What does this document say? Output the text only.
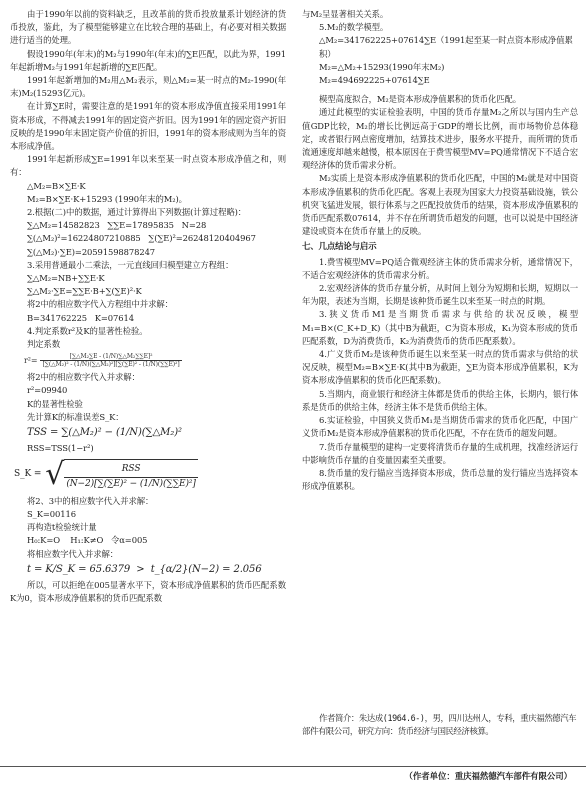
由于1990年以前的资料缺乏，且改革前的货币投放量系计划经济的货币投放，鉴此，为了模型能够建立在比较合理的基础上，有必要对相关数据进行适当的处理。

假设1990年(年末)的M₂与1990年(年末)的∑E匹配，以此为界，1991年起新增M₂与1991年起新增的∑E匹配。

1991年起新增加的M₂用△M₂表示，则△M₂=某一时点的M₂-1990(年末)M₂(15293亿元)。

在计算∑E时，需要注意的是1991年的资本形成净值直接采用1991年资本形成，不得减去1991年的固定资产折旧。因为1991年的固定资产折旧反映的是1990年末固定资产价值的折旧，1991年的资本形成则为当年的资本形成净值。

1991年起新形成∑E=1991年以来至某一时点资本形成净值之和，则有：

△M₂=B×∑E·K

M₂=B×∑E·K+15293 (1990年末的M₂)。

2.根据(二)中的数据，通过计算得出下列数据(计算过程略)：

∑△M₂=14582823   ∑∑E=17895835   N=28

∑(△M₂)²=16224807210885   ∑(∑E)²=26248120404967

∑(△M₂)·∑E)=20591598878247

3.采用普通最小二乘法，一元直线回归模型建立方程组：

∑△M₂=NB+∑∑E·K

∑△M₂·∑E=∑∑E·B+∑(∑E)²·K

将2中的相应数字代入方程组中并求解：

B=341762225   K=07614

4.判定系数r²及K的显著性检验。

判定系数

$r^2= \frac{\text{[∑△M₂∑E - (1/N)∑△M₂∑∑E]²}}{\text{[∑(△M₂)² - (1/N)(∑△M₂)²][∑(∑E)² - (1/N)(∑∑E)²]}}$

将2中的相应数字代入并求解：

r²=09940

K的显著性检验

先计算K的标准误差S_K：

TSS = ∑(△M₂)² − (1/N)(∑△M₂)²

RSS=TSS(1−r²)

S_K = √ $\frac{\text{RSS}}{\text{(N−2)[∑(∑E)² − (1/N)(∑∑E)²]}}$

将2、3中的相应数字代入并求解：

S_K=00116

再构造t检验统计量

H₀:K=O    H₁:K≠O   令α=005

将相应数字代入并求解：

t = K/S_K = 65.6379  >  t_{α/2}(N−2) = 2.056

所以，可以拒绝在005显著水平下，资本形成净值累积的货币匹配系数K为0，资本形成净值累积的货币匹配系数

与M₂呈显著相关关系。

5.M₂的数学模型。

△M₂=341762225+07614∑E（1991起至某一时点资本形成净值累积）

M₂=△M₂+15293(1990年末M₂)

M₂=494692225+07614∑E

模型高度拟合，M₂是资本形成净值累积的货币化匹配。

通过此模型的实证检验表明，中国的货币存量M₂之所以与国内生产总值GDP比较，M₂的增长比例远高于GDP的增长比例，而市场物价总体稳定，或者银行网点密度增加，结算技术进步，服务水平提升，而所谓的货币流通速度却越来越慢，根本原因在于费雪模型MV=PQ通常情况下不适合宏观经济体的货币需求分析。

M₂实质上是资本形成净值累积的货币化匹配，中国的M₂就是对中国资本形成净值累积的货币化匹配。客观上表现为国家大力投资基础设施，铁公机突飞猛进发展，银行体系与之匹配投放货币的结果，资本形成净值累积的货币匹配系数07614，并不存在所谓货币超发的问题，也可以说是中国经济建设或资本在货币存量上的反映。

七、几点结论与启示

1.费雪模型MV=PQ适合微观经济主体的货币需求分析，通常情况下，不适合宏观经济体的货币需求分析。

2.宏观经济体的货币存量分析，从时间上划分为短期和长期，短期以一年为限，表述为当期，长期是该种货币诞生以来至某一时点的时期。

3.狭义货币M1是当期货币需求与供给的状况反映，模型M₁=B×(C_K+D_K)（其中B为截距，C为资本形成，K₁为资本形成的货币匹配系数，D为消费货币，K₂为消费货币的货币匹配系数）。

4.广义货币M₂是该种货币诞生以来至某一时点的货币需求与供给的状况反映，模型M₂=B×∑E·K(其中B为截距，∑E为资本形成净值累积，K为资本形成净值累积的货币化匹配系数)。

5.当期内，商业银行和经济主体都是货币的供给主体，长期内，银行体系是货币的供给主体，经济主体不是货币供给主体。

6.实证检验，中国狭义货币M₁是当期货币需求的货币化匹配，中国广义货币M₂是资本形成净值累积的货币化匹配，不存在货币的超发问题。

7.货币存量模型的建构一定要将清货币存量的生成机理，找准经济运行中影响货币存量的自变量因素至关重要。

8.货币量的发行锚应当选择资本形成，货币总量的发行锚应当选择资本形成净值累积。

作者简介：朱达成(1964.6-)，男，四川达州人，专科，重庆福然德汽车部件有限公司，研究方向：货币经济与国民经济核算。

（作者单位：重庆福然德汽车部件有限公司）
